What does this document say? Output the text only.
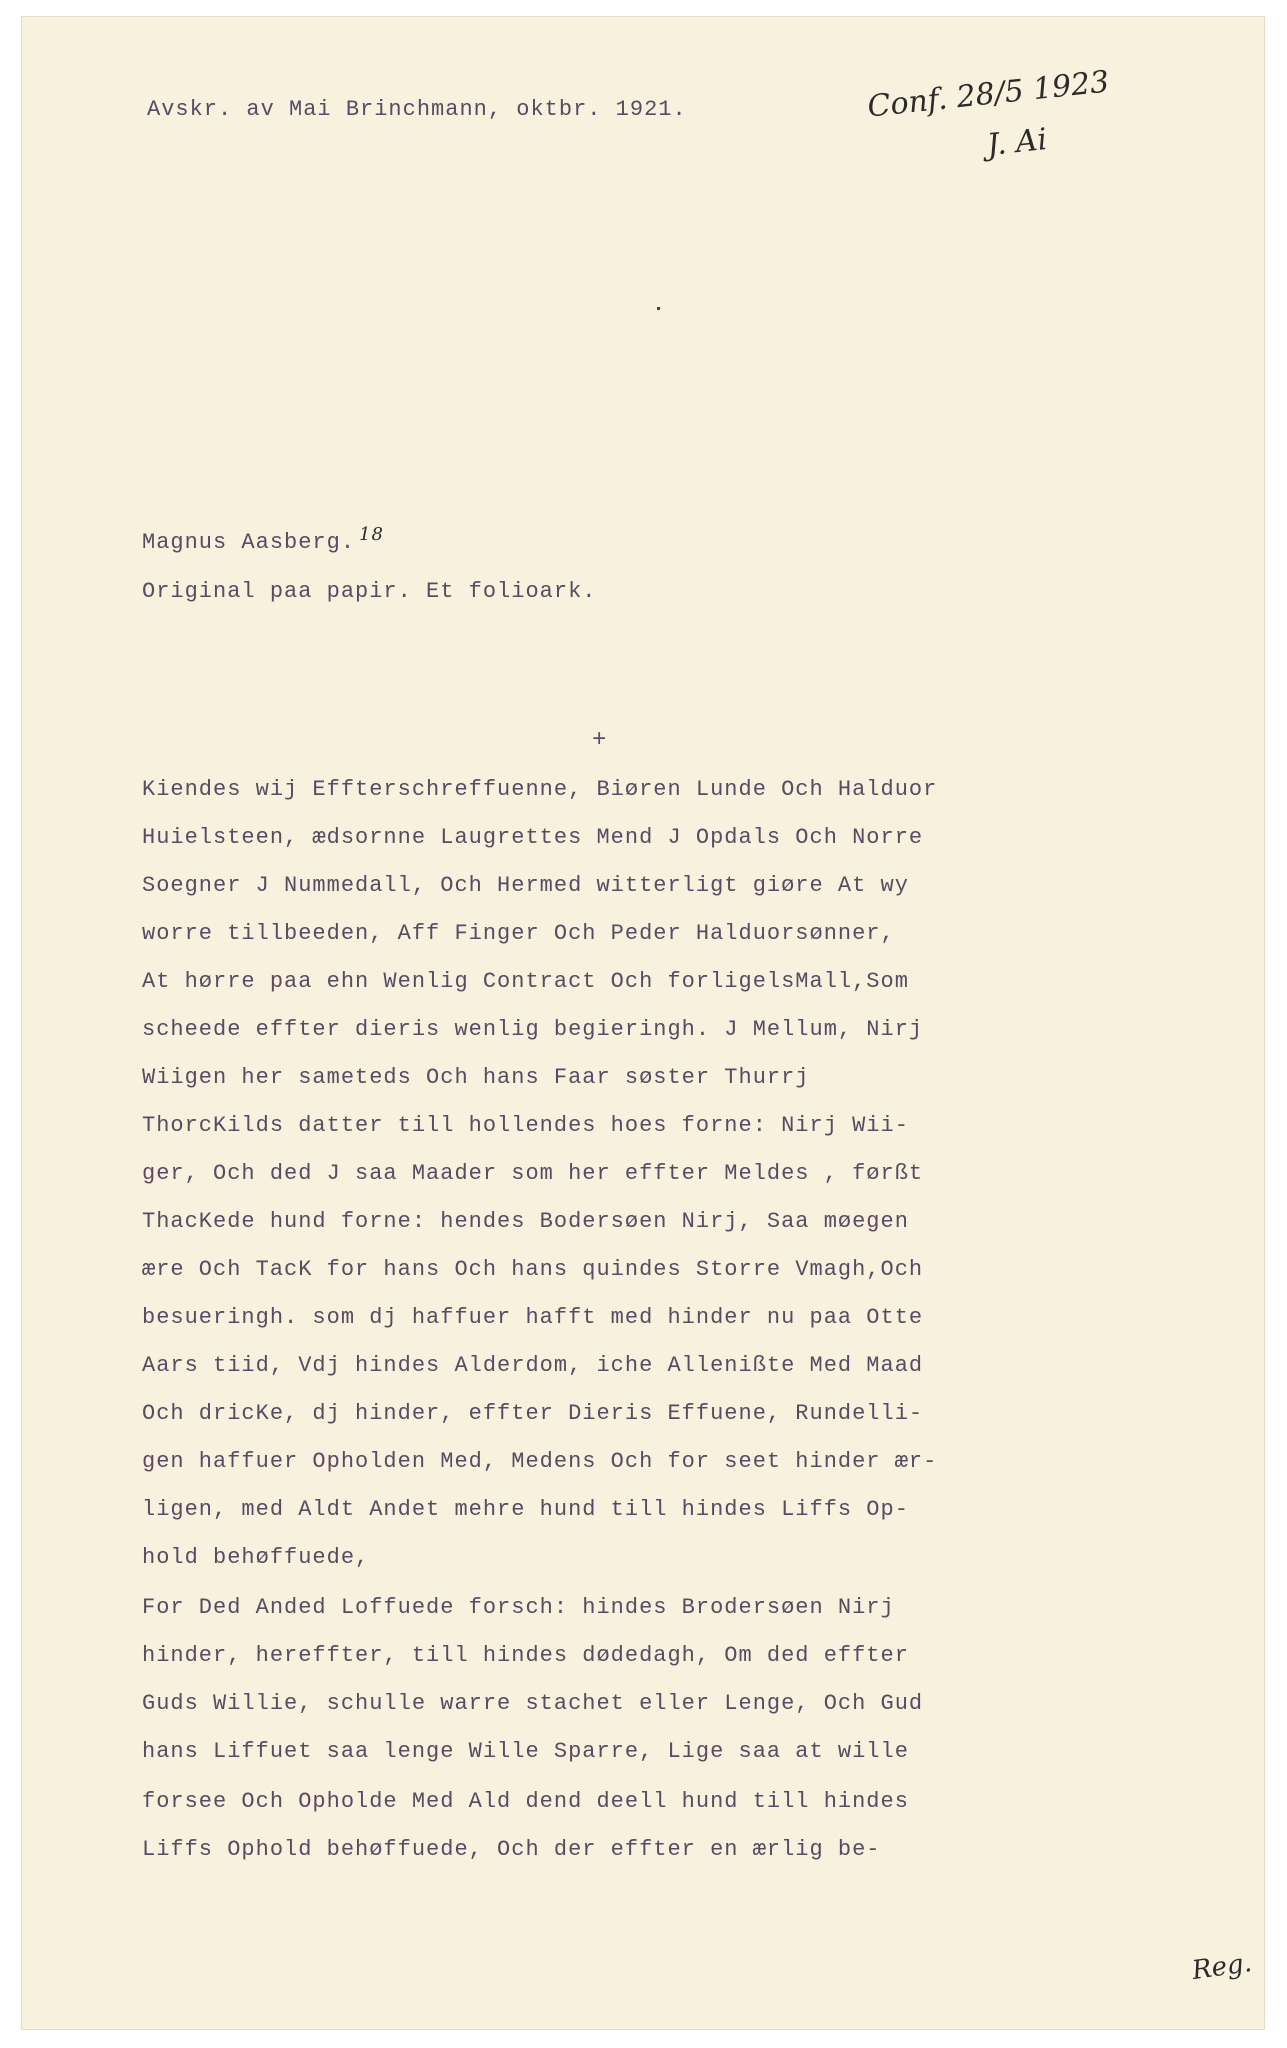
Avskr. av Mai Brinchmann, oktbr. 1921.	Conf. 28/5 1923
J. Ai
Magnus Aasberg. $^{18}$
Original paa papir. Et folioark.
+
Kiendes wij Effterschreffuenne, Biøren Lunde Och Halduor
Huielsteen, ædsornne Laugrettes Mend J Opdals Och Norre
Soegner J Nummedall, Och Hermed witterligt giøre At wy
worre tillbeeden, Aff Finger Och Peder Halduorsønner,
At hørre paa ehn Wenlig Contract Och forligelsMall,Som
scheede effter dieris wenlig begieringh. J Mellum, Nirj
Wiigen her sameteds Och hans Faar søster Thurrj
ThorcKilds datter till hollendes hoes forne: Nirj Wii-
ger, Och ded J saa Maader som her effter Meldes , førßt
ThacKede hund forne: hendes Bodersøen Nirj, Saa møegen
ære Och TacK for hans Och hans quindes Storre Vmagh,Och
besueringh. som dj haffuer hafft med hinder nu paa Otte
Aars tiid, Vdj hindes Alderdom, iche Allenißte Med Maad
Och dricKe, dj hinder, effter Dieris Effuene, Rundelli-
gen haffuer Opholden Med, Medens Och for seet hinder ær-
ligen, med Aldt Andet mehre hund till hindes Liffs Op-
hold behøffuede,
For Ded Anded Loffuede forsch: hindes Brodersøen Nirj
hinder, hereffter, till hindes dødedagh, Om ded effter
Guds Willie, schulle warre stachet eller Lenge, Och Gud
hans Liffuet saa lenge Wille Sparre, Lige saa at wille
forsee Och Opholde Med Ald dend deell hund till hindes
Liffs Ophold behøffuede, Och der effter en ærlig be-
Reg.
